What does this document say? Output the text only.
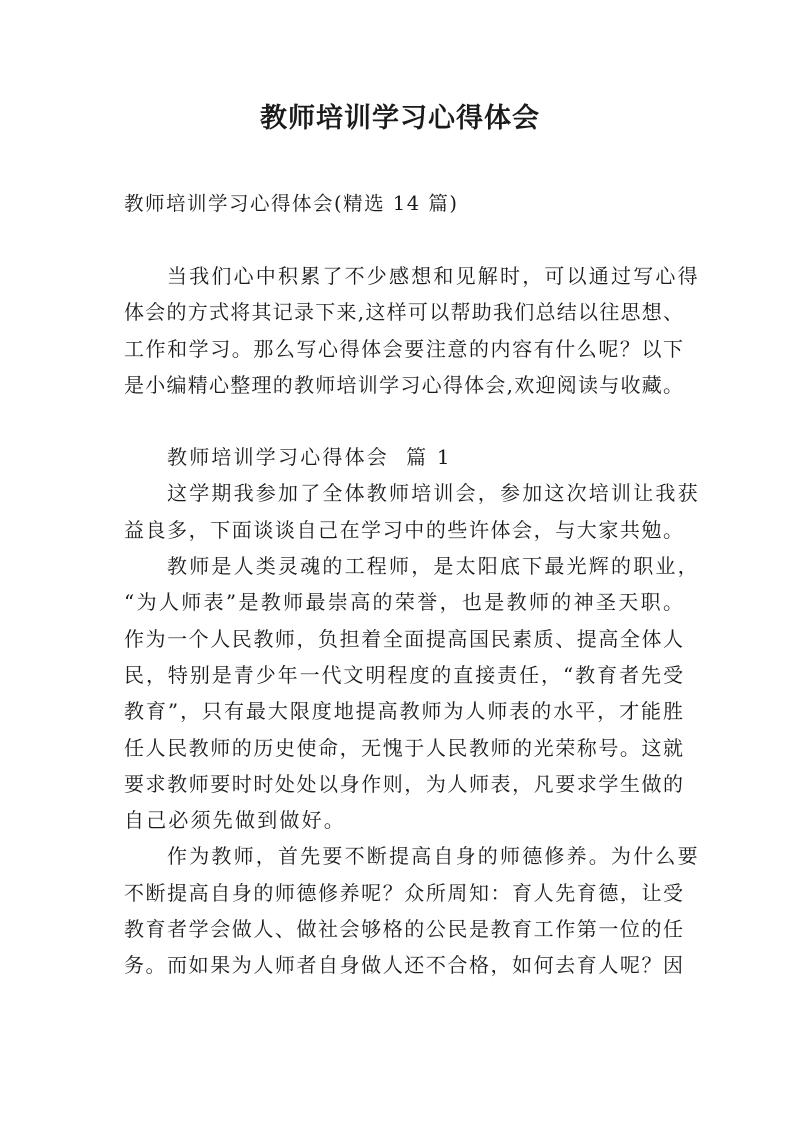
教师培训学习心得体会
教师培训学习心得体会(精选 14 篇)
当我们心中积累了不少感想和见解时，可以通过写心得
体会的方式将其记录下来,这样可以帮助我们总结以往思想、
工作和学习。那么写心得体会要注意的内容有什么呢？以下
是小编精心整理的教师培训学习心得体会,欢迎阅读与收藏。
教师培训学习心得体会  篇 1
这学期我参加了全体教师培训会，参加这次培训让我获
益良多，下面谈谈自己在学习中的些许体会，与大家共勉。
教师是人类灵魂的工程师，是太阳底下最光辉的职业，
“为人师表”是教师最崇高的荣誉，也是教师的神圣天职。
作为一个人民教师，负担着全面提高国民素质、提高全体人
民，特别是青少年一代文明程度的直接责任，“教育者先受
教育”，只有最大限度地提高教师为人师表的水平，才能胜
任人民教师的历史使命，无愧于人民教师的光荣称号。这就
要求教师要时时处处以身作则，为人师表，凡要求学生做的
自己必须先做到做好。
作为教师，首先要不断提高自身的师德修养。为什么要
不断提高自身的师德修养呢？众所周知：育人先育德，让受
教育者学会做人、做社会够格的公民是教育工作第一位的任
务。而如果为人师者自身做人还不合格，如何去育人呢？因
